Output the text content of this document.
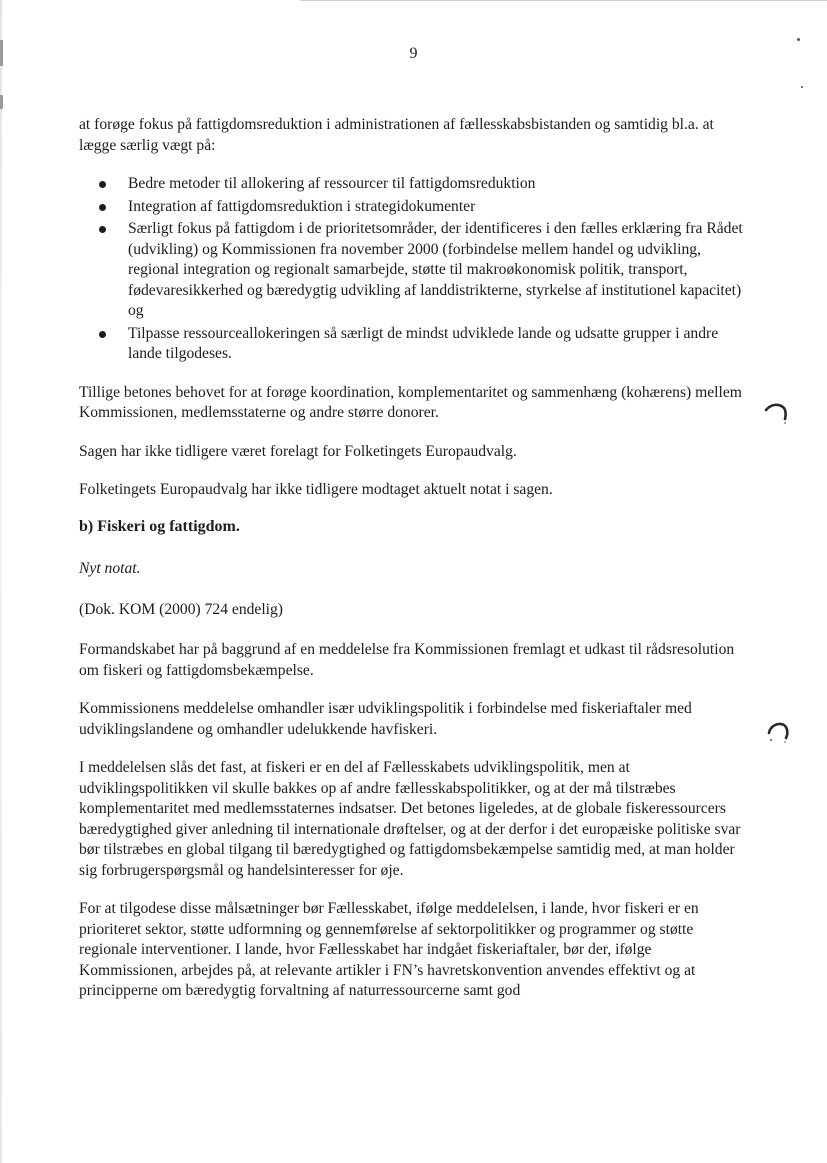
9

at forøge fokus på fattigdomsreduktion i administrationen af fællesskabsbistanden og samtidig bl.a. at lægge særlig vægt på:

Bedre metoder til allokering af ressourcer til fattigdomsreduktion
Integration af fattigdomsreduktion i strategidokumenter
Særligt fokus på fattigdom i de prioritetsområder, der identificeres i den fælles erklæring fra Rådet (udvikling) og Kommissionen fra november 2000 (forbindelse mellem handel og udvikling, regional integration og regionalt samarbejde, støtte til makroøkonomisk politik, transport, fødevaresikkerhed og bæredygtig udvikling af landdistrikterne, styrkelse af institutionel kapacitet) og
Tilpasse ressourceallokeringen så særligt de mindst udviklede lande og udsatte grupper i andre lande tilgodeses.

Tillige betones behovet for at forøge koordination, komplementaritet og sammenhæng (kohærens) mellem Kommissionen, medlemsstaterne og andre større donorer.

Sagen har ikke tidligere været forelagt for Folketingets Europaudvalg.

Folketingets Europaudvalg har ikke tidligere modtaget aktuelt notat i sagen.

b) Fiskeri og fattigdom.

Nyt notat.

(Dok. KOM (2000) 724 endelig)

Formandskabet har på baggrund af en meddelelse fra Kommissionen fremlagt et udkast til rådsresolution om fiskeri og fattigdomsbekæmpelse.

Kommissionens meddelelse omhandler især udviklingspolitik i forbindelse med fiskeriaftaler med udviklingslandene og omhandler udelukkende havfiskeri.

I meddelelsen slås det fast, at fiskeri er en del af Fællesskabets udviklingspolitik, men at udviklingspolitikken vil skulle bakkes op af andre fællesskabspolitikker, og at der må tilstræbes komplementaritet med medlemsstaternes indsatser. Det betones ligeledes, at de globale fiskeressourcers bæredygtighed giver anledning til internationale drøftelser, og at der derfor i det europæiske politiske svar bør tilstræbes en global tilgang til bæredygtighed og fattigdomsbekæmpelse samtidig med, at man holder sig forbrugerspørgsmål og handelsinteresser for øje.

For at tilgodese disse målsætninger bør Fællesskabet, ifølge meddelelsen, i lande, hvor fiskeri er en prioriteret sektor, støtte udformning og gennemførelse af sektorpolitikker og programmer og støtte regionale interventioner. I lande, hvor Fællesskabet har indgået fiskeriaftaler, bør der, ifølge Kommissionen, arbejdes på, at relevante artikler i FN’s havretskonvention anvendes effektivt og at principperne om bæredygtig forvaltning af naturressourcerne samt god
